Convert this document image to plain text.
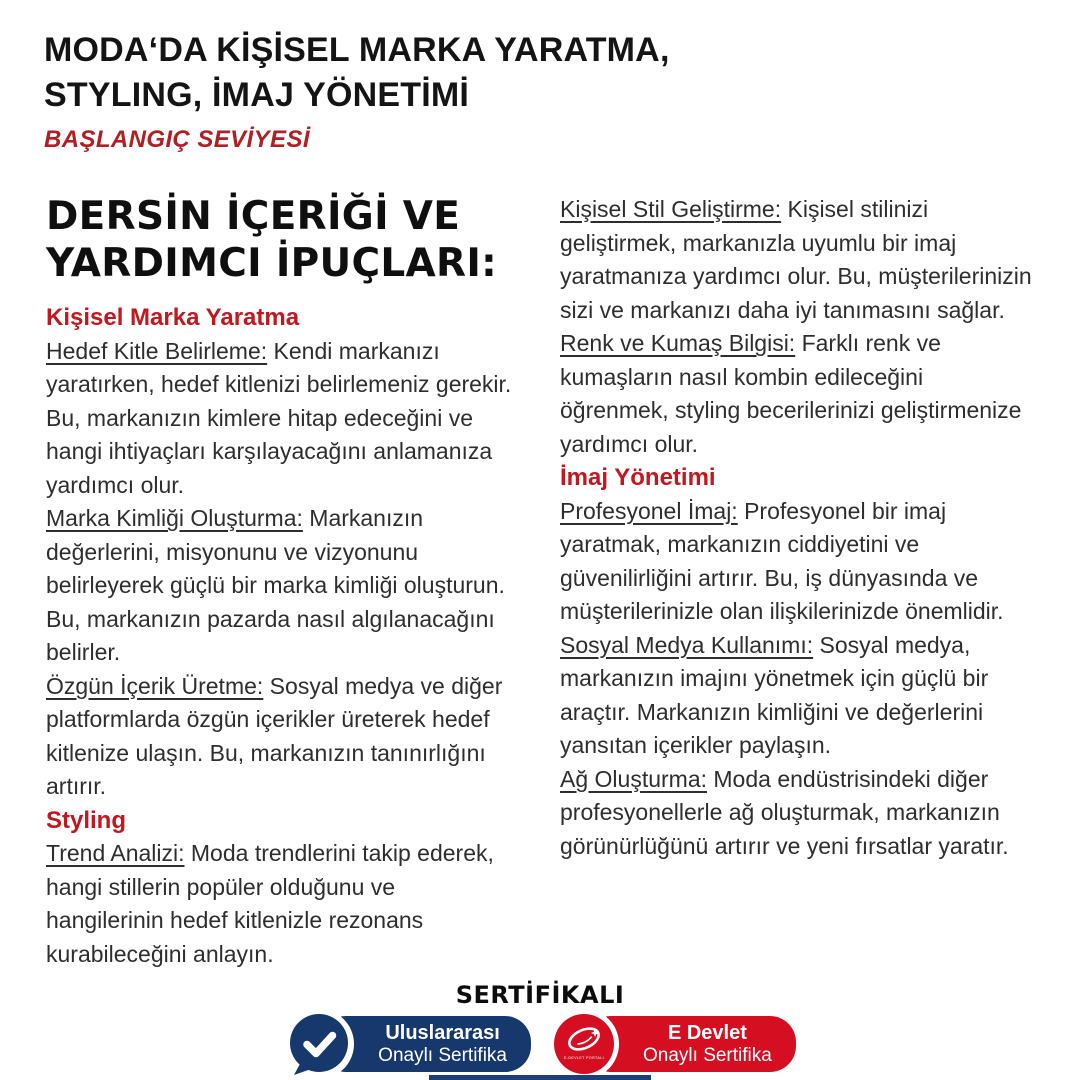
MODA‘DA KİŞİSEL MARKA YARATMA,
STYLING, İMAJ YÖNETİMİ
BAŞLANGIÇ SEVİYESİ
DERSİN İÇERİĞİ VE
YARDIMCI İPUÇLARI:
Kişisel Marka Yaratma

Hedef Kitle Belirleme: Kendi markanızı yaratırken, hedef kitlenizi belirlemeniz gerekir. Bu, markanızın kimlere hitap edeceğini ve hangi ihtiyaçları karşılayacağını anlamanıza yardımcı olur.

Marka Kimliği Oluşturma: Markanızın değerlerini, misyonunu ve vizyonunu belirleyerek güçlü bir marka kimliği oluşturun. Bu, markanızın pazarda nasıl algılanacağını belirler.

Özgün İçerik Üretme: Sosyal medya ve diğer platformlarda özgün içerikler üreterek hedef kitlenize ulaşın. Bu, markanızın tanınırlığını artırır.

Styling

Trend Analizi: Moda trendlerini takip ederek, hangi stillerin popüler olduğunu ve hangilerinin hedef kitlenizle rezonans kurabileceğini anlayın.

Kişisel Stil Geliştirme: Kişisel stilinizi geliştirmek, markanızla uyumlu bir imaj yaratmanıza yardımcı olur. Bu, müşterilerinizin sizi ve markanızı daha iyi tanımasını sağlar.

Renk ve Kumaş Bilgisi: Farklı renk ve kumaşların nasıl kombin edileceğini öğrenmek, styling becerilerinizi geliştirmenize yardımcı olur.

İmaj Yönetimi

Profesyonel İmaj: Profesyonel bir imaj yaratmak, markanızın ciddiyetini ve güvenilirliğini artırır. Bu, iş dünyasında ve müşterilerinizle olan ilişkilerinizde önemlidir.

Sosyal Medya Kullanımı: Sosyal medya, markanızın imajını yönetmek için güçlü bir araçtır. Markanızın kimliğini ve değerlerini yansıtan içerikler paylaşın.

Ağ Oluşturma: Moda endüstrisindeki diğer profesyonellerle ağ oluşturmak, markanızın görünürlüğünü artırır ve yeni fırsatlar yaratır.

SERTİFİKALI
Uluslararası
Onaylı Sertifika	E-DEVLET PORTALI
E Devlet
Onaylı Sertifika
